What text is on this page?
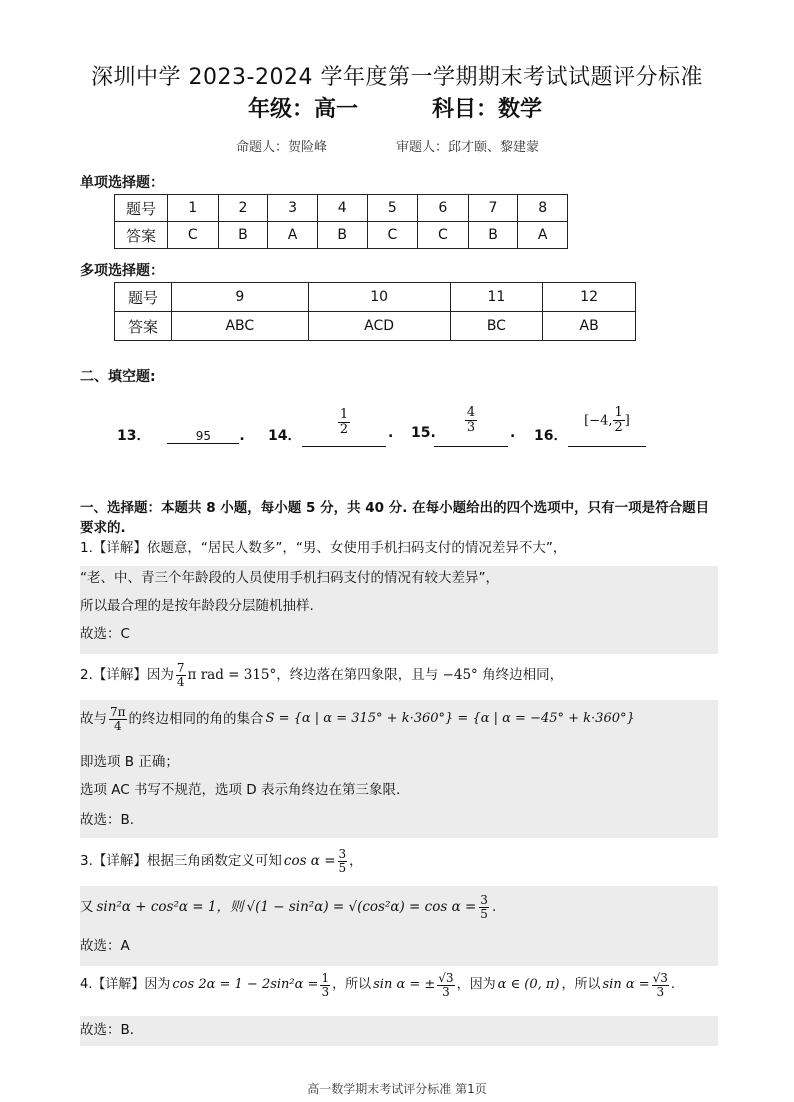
深圳中学 2023-2024 学年度第一学期期末考试试题评分标准
年级：高一	科目：数学
命题人：贺险峰	审题人：邱才颐、黎建蒙
单项选择题：
题号	1	2	3	4	5	6	7	8
答案	C	B	A	B	C	C	B	A
多项选择题：
题号	9	10	11	12
答案	ABC	ACD	BC	AB
二、填空题:
13．	95 . 14．	$\frac{1}{2}$	. 15. $\frac{4}{3}$ . 16．
[−4, $\frac{1}{2}$ ]
一、选择题：本题共 8 小题，每小题 5 分，共 40 分. 在每小题给出的四个选项中，只有一项是符合题目要求的.
1.【详解】依题意，“居民人数多”，“男、女使用手机扫码支付的情况差异不大”，
“老、中、青三个年龄段的人员使用手机扫码支付的情况有较大差异”，
所以最合理的是按年龄段分层随机抽样.
故选：C
2.【详解】因为 7
4 π rad = 315°，终边落在第四象限，且与 −45° 角终边相同，
故与 7π
4 的终边相同的角的集合 S = {α | α = 315° + k·360°} = {α | α = −45° + k·360°}
即选项 B 正确；
选项 AC 书写不规范，选项 D 表示角终边在第三象限.
故选：B.
3.【详解】根据三角函数定义可知 $\cos \alpha = \frac{3}{5}$ ，
又 sin²α + cos²α = 1，则 $√(1 - \sin^2\alpha) = √(\cos^2\alpha) = \cos \alpha = \frac{3}{5}$ .
故选：A
4.【详解】因为 $\cos 2\alpha = 1 - 2\sin^2\alpha = \frac{1}{3}$ ，所以 sin α = ± $\frac{√3}{3}$ ，因为 α ∈ (0, π) ，所以 $\sin \alpha = \frac{√3}{3}$ .
故选：B．
高一数学期末考试评分标准 第1页
